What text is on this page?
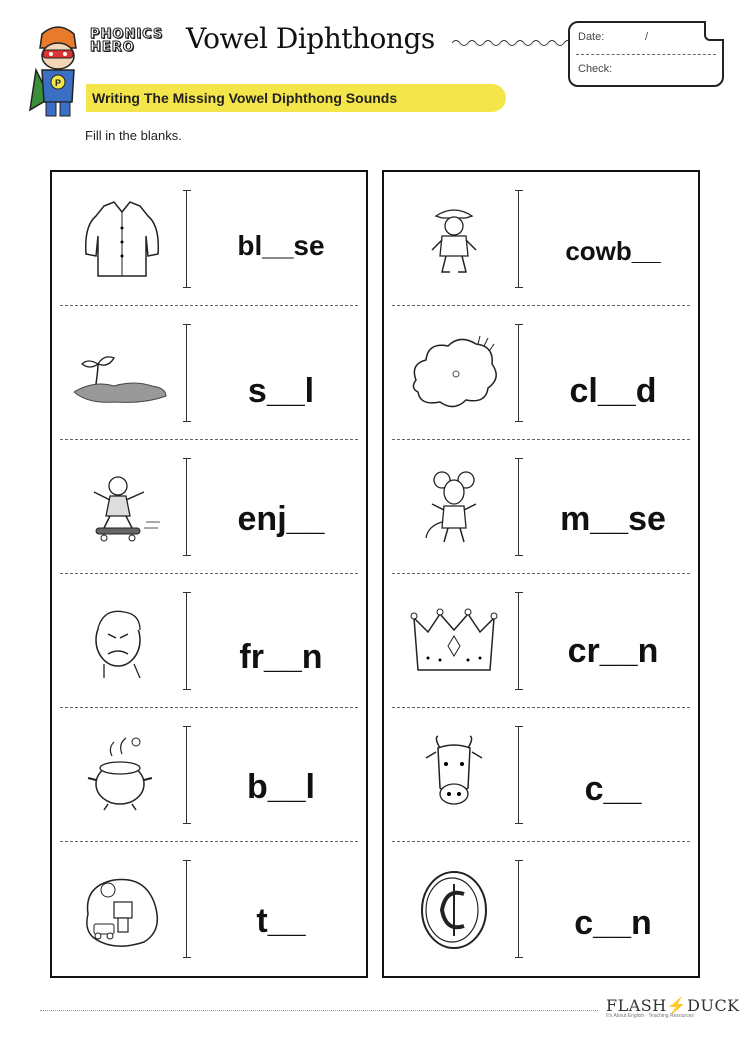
P
PHONICS
HERO	Vowel Diphthongs	Date:	/
Check:
Writing The Missing Vowel Diphthong Sounds
Fill in the blanks.
bl__se
s__l
enj__
fr__n
b__l
t__
cowb__
cl__d
m__se
cr__n
c__
c__n
FLASH⚡DUCK
It's About English · Teaching Resources
